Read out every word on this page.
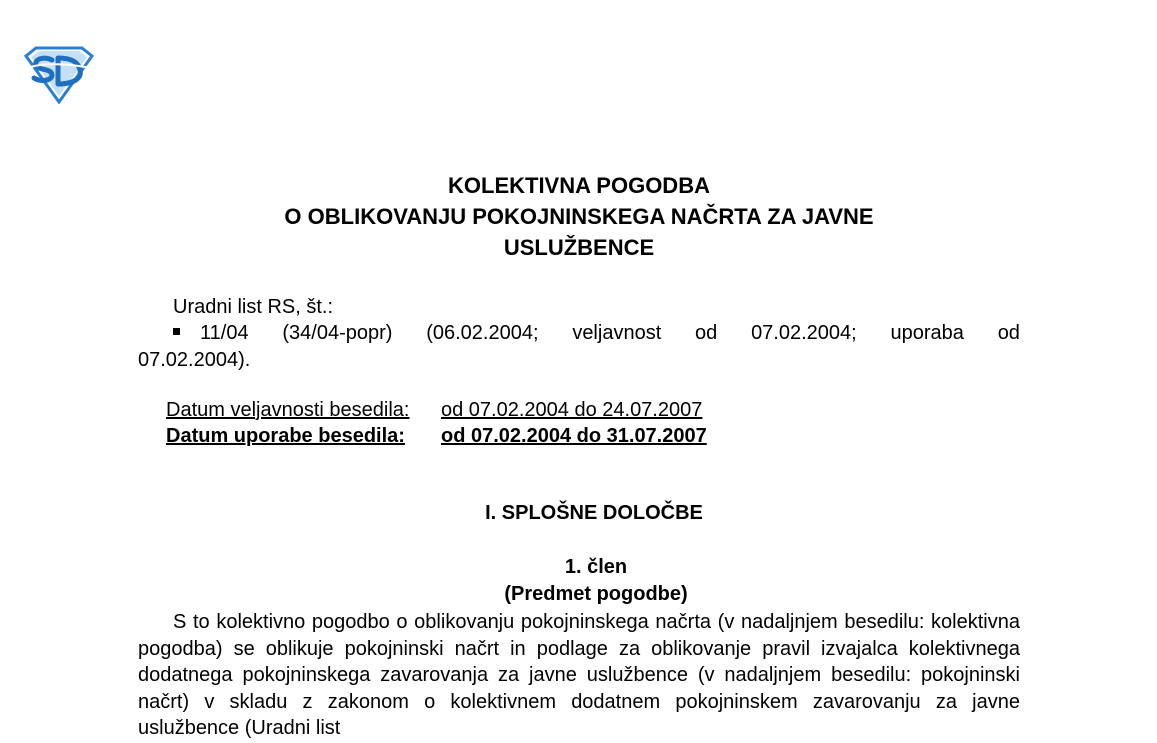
KOLEKTIVNA POGODBA
O OBLIKOVANJU POKOJNINSKEGA NAČRTA ZA JAVNE
USLUŽBENCE
Uradni list RS, št.:
11/04 (34/04-popr) (06.02.2004; veljavnost od 07.02.2004; uporaba od
07.02.2004).
Datum veljavnosti besedila:	od 07.02.2004 do 24.07.2007
Datum uporabe besedila:	od 07.02.2004 do 31.07.2007
I. SPLOŠNE DOLOČBE
1. člen
(Predmet pogodbe)

S to kolektivno pogodbo o oblikovanju pokojninskega načrta (v nadaljnjem besedilu: kolektivna pogodba) se oblikuje pokojninski načrt in podlage za oblikovanje pravil izvajalca kolektivnega dodatnega pokojninskega zavarovanja za javne uslužbence (v nadaljnjem besedilu: pokojninski načrt) v skladu z zakonom o kolektivnem dodatnem pokojninskem zavarovanju za javne uslužbence (Uradni list
